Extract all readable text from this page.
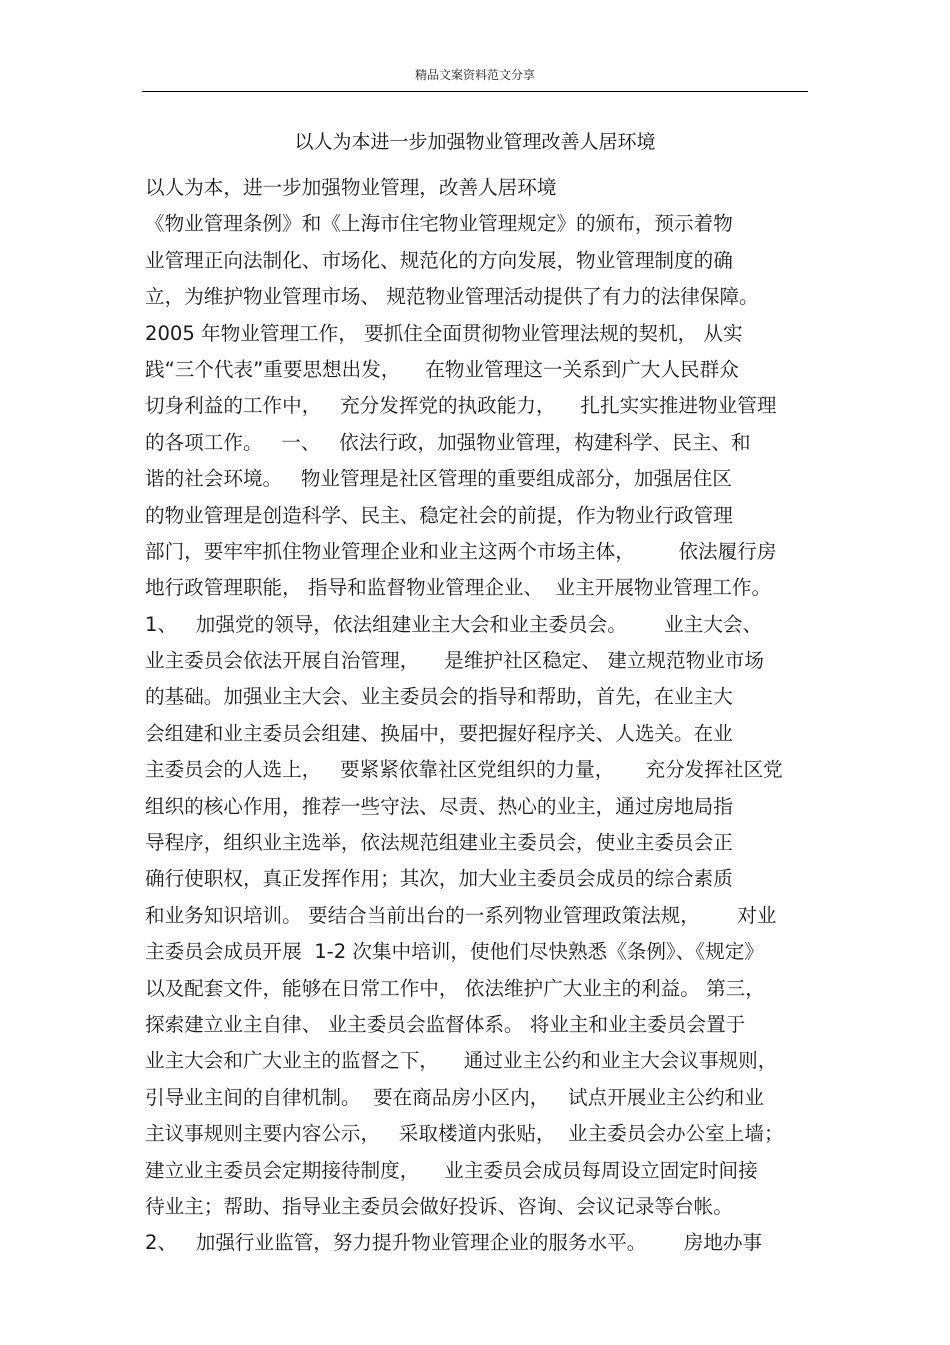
精品文案资料范文分享
以人为本进一步加强物业管理改善人居环境
以人为本，进一步加强物业管理，改善人居环境
《物业管理条例》和《上海市住宅物业管理规定》的颁布，预示着物
业管理正向法制化、市场化、规范化的方向发展，物业管理制度的确
立，为维护物业管理市场、 规范物业管理活动提供了有力的法律保障。
2005 年物业管理工作， 要抓住全面贯彻物业管理法规的契机， 从实
践“三个代表”重要思想出发，    在物业管理这一关系到广大人民群众
切身利益的工作中，   充分发挥党的执政能力，    扎扎实实推进物业管理
的各项工作。   一、   依法行政，加强物业管理，构建科学、民主、和
谐的社会环境。   物业管理是社区管理的重要组成部分，加强居住区
的物业管理是创造科学、民主、稳定社会的前提，作为物业行政管理
部门，要牢牢抓住物业管理企业和业主这两个市场主体，       依法履行房
地行政管理职能， 指导和监督物业管理企业、  业主开展物业管理工作。
1、   加强党的领导，依法组建业主大会和业主委员会。      业主大会、
业主委员会依法开展自治管理，    是维护社区稳定、 建立规范物业市场
的基础。加强业主大会、业主委员会的指导和帮助，首先，在业主大
会组建和业主委员会组建、换届中，要把握好程序关、人选关。在业
主委员会的人选上，   要紧紧依靠社区党组织的力量，     充分发挥社区党
组织的核心作用，推荐一些守法、尽责、热心的业主，通过房地局指
导程序，组织业主选举，依法规范组建业主委员会，使业主委员会正
确行使职权，真正发挥作用；其次，加大业主委员会成员的综合素质
和业务知识培训。 要结合当前出台的一系列物业管理政策法规，      对业
主委员会成员开展  1-2 次集中培训，使他们尽快熟悉《条例》、《规定》
以及配套文件，能够在日常工作中， 依法维护广大业主的利益。 第三，
探索建立业主自律、 业主委员会监督体系。 将业主和业主委员会置于
业主大会和广大业主的监督之下，    通过业主公约和业主大会议事规则，
引导业主间的自律机制。  要在商品房小区内，   试点开展业主公约和业
主议事规则主要内容公示，   采取楼道内张贴，  业主委员会办公室上墙；
建立业主委员会定期接待制度，    业主委员会成员每周设立固定时间接
待业主；帮助、指导业主委员会做好投诉、咨询、会议记录等台帐。
2、   加强行业监管，努力提升物业管理企业的服务水平。      房地办事
